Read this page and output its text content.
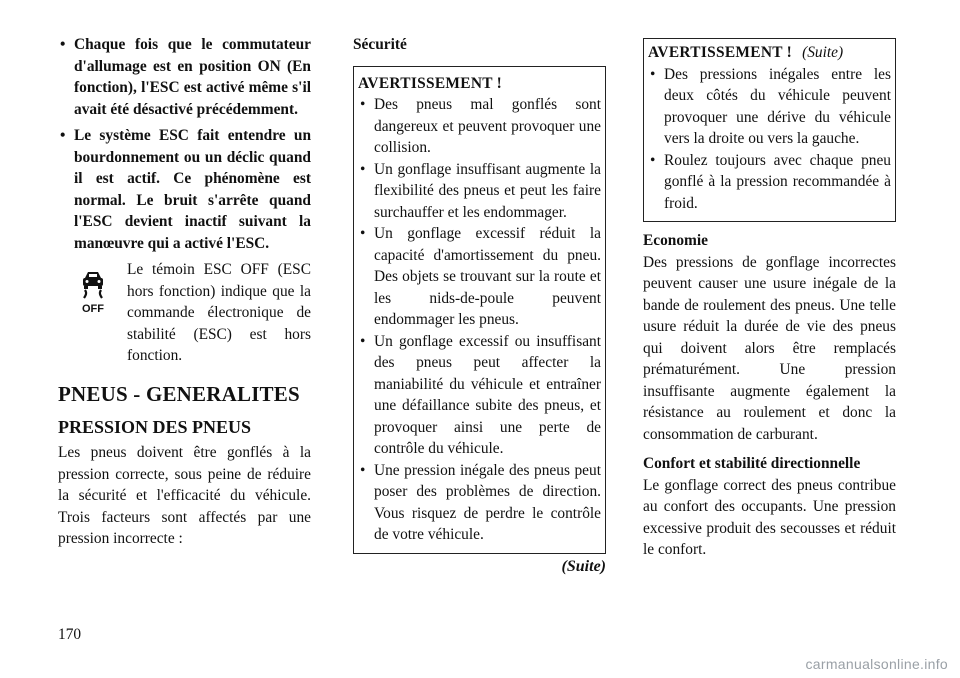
• Chaque fois que le commutateur d'allumage est en position ON (En fonction), l'ESC est activé même s'il avait été désactivé précédemment.
• Le système ESC fait entendre un bourdonnement ou un déclic quand il est actif. Ce phénomène est normal. Le bruit s'arrête quand l'ESC devient inactif suivant la manœuvre qui a activé l'ESC.
OFF

Le témoin ESC OFF (ESC hors fonction) indique que la commande électronique de stabilité (ESC) est hors fonction.

PNEUS - GENERALITES
PRESSION DES PNEUS

Les pneus doivent être gonflés à la pression correcte, sous peine de réduire la sécurité et l'efficacité du véhicule. Trois facteurs sont affectés par une pression incorrecte :

Sécurité

AVERTISSEMENT !
• Des pneus mal gonflés sont dangereux et peuvent provoquer une collision.
• Un gonflage insuffisant augmente la flexibilité des pneus et peut les faire surchauffer et les endommager.
• Un gonflage excessif réduit la capacité d'amortissement du pneu. Des objets se trouvant sur la route et les nids-de-poule peuvent endommager les pneus.
• Un gonflage excessif ou insuffisant des pneus peut affecter la maniabilité du véhicule et entraîner une défaillance subite des pneus, et provoquer ainsi une perte de contrôle du véhicule.
• Une pression inégale des pneus peut poser des problèmes de direction. Vous risquez de perdre le contrôle de votre véhicule.
(Suite)
AVERTISSEMENT ! (Suite)
• Des pressions inégales entre les deux côtés du véhicule peuvent provoquer une dérive du véhicule vers la droite ou vers la gauche.
• Roulez toujours avec chaque pneu gonflé à la pression recommandée à froid.
Economie

Des pressions de gonflage incorrectes peuvent causer une usure inégale de la bande de roulement des pneus. Une telle usure réduit la durée de vie des pneus qui doivent alors être remplacés prématurément. Une pression insuffisante augmente également la résistance au roulement et donc la consommation de carburant.

Confort et stabilité directionnelle

Le gonflage correct des pneus contribue au confort des occupants. Une pression excessive produit des secousses et réduit le confort.

170
carmanualsonline.info
